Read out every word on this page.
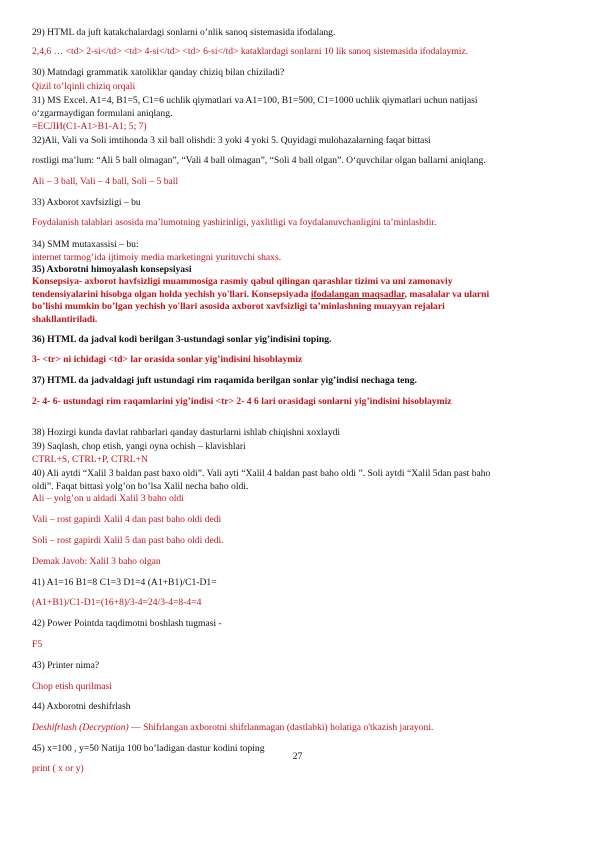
29) HTML da juft katakchalardagi sonlarni o’nlik sanoq sistemasida ifodalang.
2,4,6 … <td> 2-si</td> <td> 4-si</td> <td> 6-si</td> kataklardagi sonlarni 10 lik sanoq sistemasida ifodalaymiz.
30) Matndagi grammatik xatoliklar qanday chiziq bilan chiziladi?
Qizil to’lqinli chiziq orqali
31) MS Excel. A1=4, B1=5, C1=6 uchlik qiymatlari va A1=100, B1=500, C1=1000 uchlik qiymatlari uchun natijasi
o‘zgarmaydigan formulani aniqlang.
=ЕСЛИ(C1-A1>B1-A1; 5; 7)
32)Ali, Vali va Soli imtihonda 3 xil ball olishdi: 3 yoki 4 yoki 5. Quyidagi mulohazalarning faqat bittasi
rostligi ma’lum: “Ali 5 ball olmagan”, “Vali 4 ball olmagan”, “Soli 4 ball olgan”. O‘quvchilar olgan ballarni aniqlang.
Ali – 3 ball, Vali – 4 ball, Soli – 5 ball
33) Axborot xavfsizligi – bu
Foydalanish talablari asosida ma’lumotning yashirinligi, yaxlitligi va foydalanuvchanligini ta’minlashdir.
34) SMM mutaxassisi – bu:
internet tarmog’ida ijtimoiy media marketingni yurituvchi shaxs.
35) Axborotni himoyalash konsepsiyasi
Konsepsiya- axborot havfsizligi muammosiga rasmiy qabul qilingan qarashlar tizimi va uni zamonaviy
tendensiyalarini hisobga olgan holda yechish yo'llari. Konsepsiyada ifodalangan maqsadlar, masalalar va ularni
bo’lishi mumkin bo’lgan yechish yo'llari asosida axborot xavfsizligi ta’minlashning muayyan rejalari
shakllantiriladi.
36) HTML da jadval kodi berilgan 3-ustundagi sonlar yig’indisini toping.
3- <tr> ni ichidagi <td> lar orasida sonlar yig’indisini hisoblaymiz
37) HTML da jadvaldagi juft ustundagi rim raqamida berilgan sonlar yig’indisi nechaga teng.
2- 4- 6- ustundagi rim raqamlarini yig’indisi <tr> 2- 4 6 lari orasidagi sonlarni yig’indisini hisoblaymiz
38) Hozirgi kunda davlat rahbarlari qanday dasturlarni ishlab chiqishni xoxlaydi
39) Saqlash, chop etish, yangi oyna ochish – klavishlari
CTRL+S, CTRL+P, CTRL+N
40) Ali aytdi “Xalil 3 baldan past baxo oldi”. Vali ayti “Xalil 4 baldan past baho oldi ”. Soli aytdi “Xalil 5dan past baho
oldi”. Faqat bittasi yolg’on bo’lsa Xalil necha baho oldi.
Ali – yolg’on u aldadi Xalil 3 baho oldi
Vali – rost gapirdi Xalil 4 dan past baho oldi dedi
Soli – rost gapirdi Xalil 5 dan past baho oldi dedi.
Demak Javob: Xalil 3 baho olgan
41) A1=16 B1=8 C1=3 D1=4 (A1+B1)/C1-D1=
(A1+B1)/C1-D1=(16+8)/3-4=24/3-4=8-4=4
42) Power Pointda taqdimotni boshlash tugmasi -
F5
43) Printer nima?
Chop etish qurilmasi
44) Axborotni deshifrlash
Deshifrlash (Decryption) — Shifrlangan axborotni shifrlanmagan (dastlabki) holatiga o'tkazish jarayoni.
45) x=100 , y=50 Natija 100 bo’ladigan dastur kodini toping
print ( x or y)
27
